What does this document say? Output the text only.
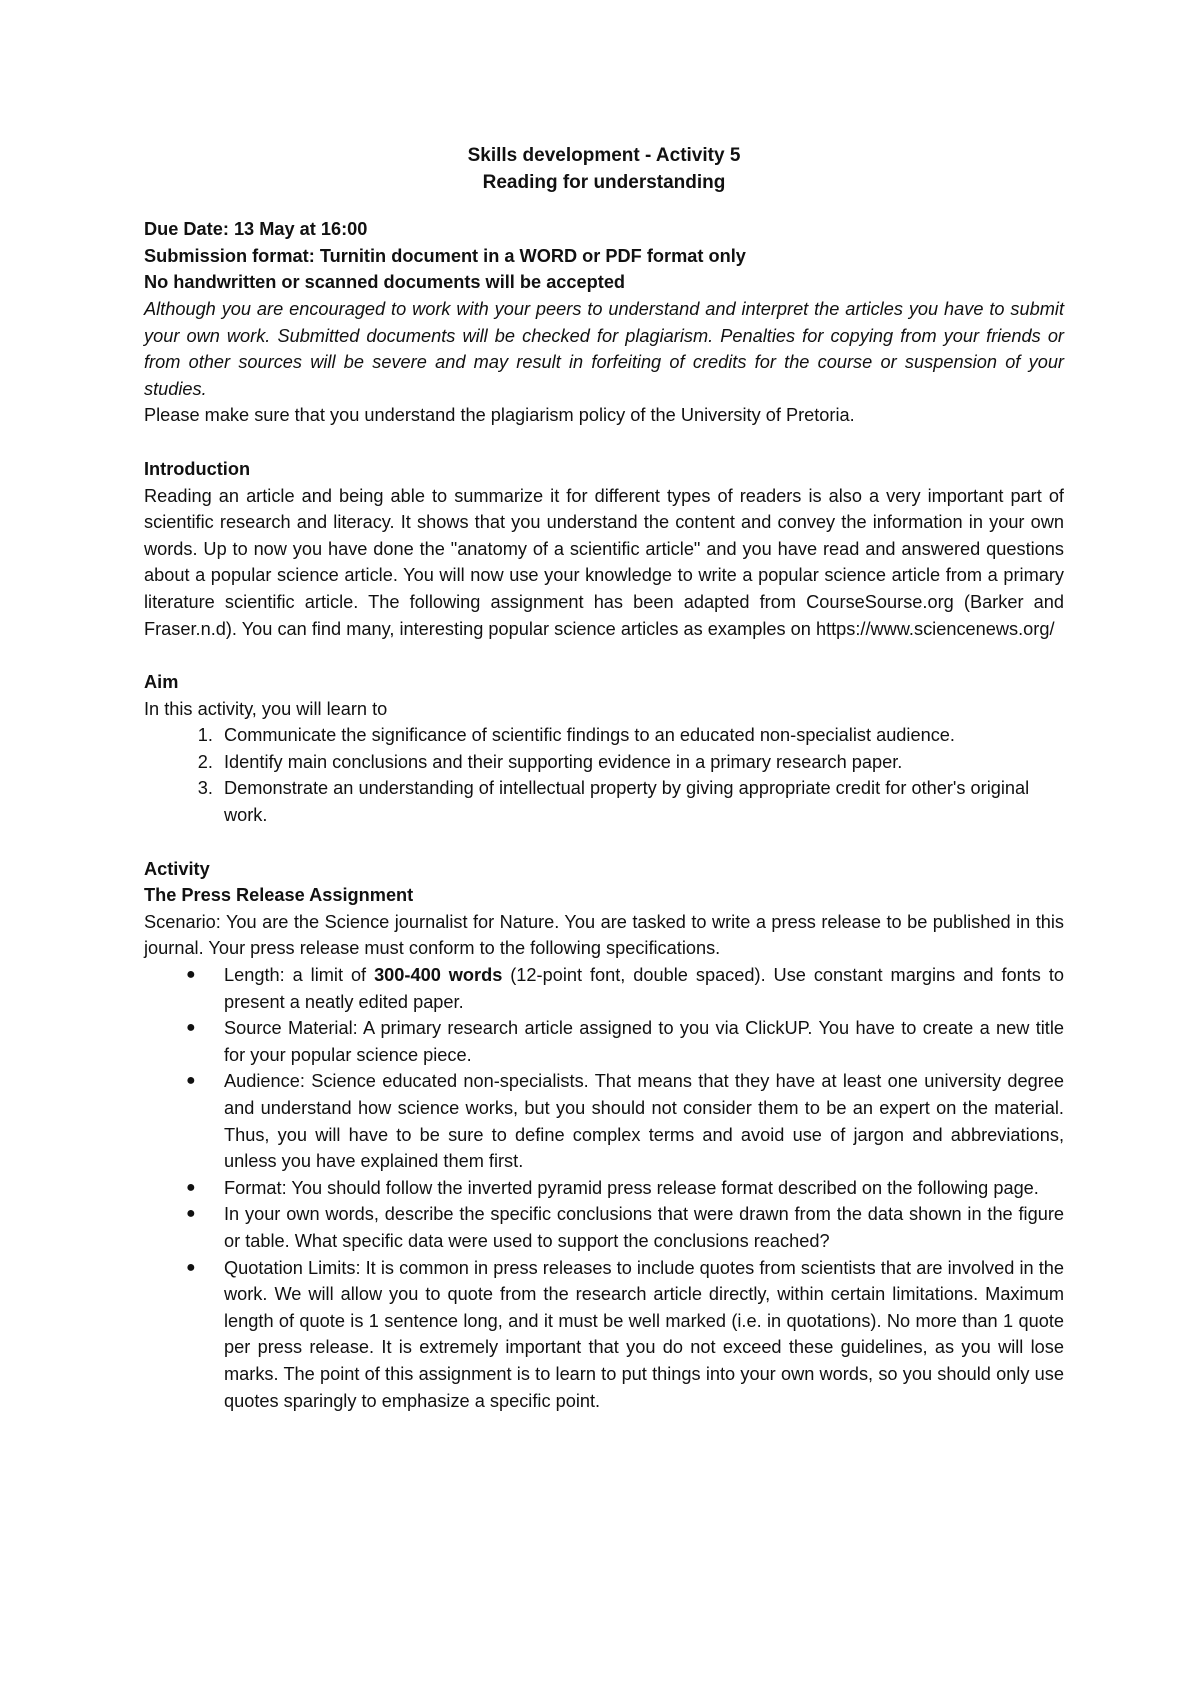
Skills development - Activity 5
Reading for understanding

Due Date: 13 May at 16:00

Submission format: Turnitin document in a WORD or PDF format only

No handwritten or scanned documents will be accepted

Although you are encouraged to work with your peers to understand and interpret the articles you have to submit your own work. Submitted documents will be checked for plagiarism. Penalties for copying from your friends or from other sources will be severe and may result in forfeiting of credits for the course or suspension of your studies.

Please make sure that you understand the plagiarism policy of the University of Pretoria.

Introduction

Reading an article and being able to summarize it for different types of readers is also a very important part of scientific research and literacy. It shows that you understand the content and convey the information in your own words. Up to now you have done the "anatomy of a scientific article" and you have read and answered questions about a popular science article. You will now use your knowledge to write a popular science article from a primary literature scientific article. The following assignment has been adapted from CourseSourse.org (Barker and Fraser.n.d). You can find many, interesting popular science articles as examples on https://www.sciencenews.org/

Aim

In this activity, you will learn to

1. Communicate the significance of scientific findings to an educated non-specialist audience.
2. Identify main conclusions and their supporting evidence in a primary research paper.
3. Demonstrate an understanding of intellectual property by giving appropriate credit for other's original work.

Activity

The Press Release Assignment

Scenario: You are the Science journalist for Nature. You are tasked to write a press release to be published in this journal. Your press release must conform to the following specifications.

● Length: a limit of 300-400 words (12-point font, double spaced). Use constant margins and fonts to present a neatly edited paper.
● Source Material: A primary research article assigned to you via ClickUP. You have to create a new title for your popular science piece.
● Audience: Science educated non-specialists. That means that they have at least one university degree and understand how science works, but you should not consider them to be an expert on the material. Thus, you will have to be sure to define complex terms and avoid use of jargon and abbreviations, unless you have explained them first.
● Format: You should follow the inverted pyramid press release format described on the following page.
● In your own words, describe the specific conclusions that were drawn from the data shown in the figure or table. What specific data were used to support the conclusions reached?
● Quotation Limits: It is common in press releases to include quotes from scientists that are involved in the work. We will allow you to quote from the research article directly, within certain limitations. Maximum length of quote is 1 sentence long, and it must be well marked (i.e. in quotations). No more than 1 quote per press release. It is extremely important that you do not exceed these guidelines, as you will lose marks. The point of this assignment is to learn to put things into your own words, so you should only use quotes sparingly to emphasize a specific point.
